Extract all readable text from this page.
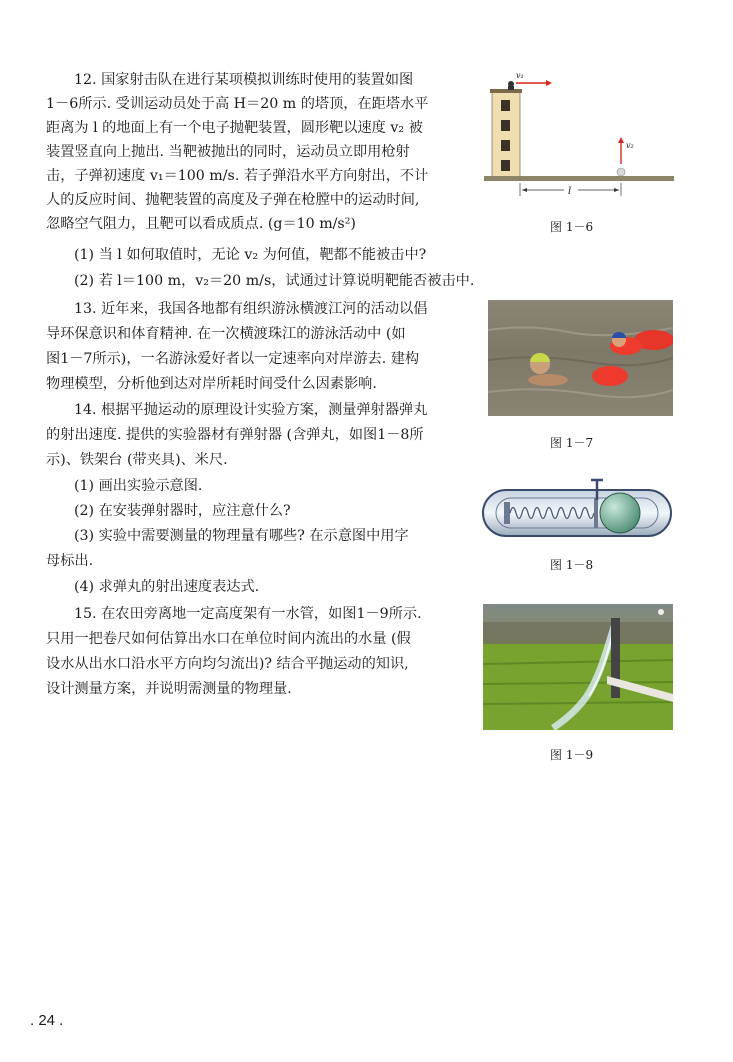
12. 国家射击队在进行某项模拟训练时使用的装置如图
1－6所示. 受训运动员处于高 H＝20 m 的塔顶，在距塔水平
距离为 l 的地面上有一个电子抛靶装置，圆形靶以速度 v₂ 被
装置竖直向上抛出. 当靶被抛出的同时，运动员立即用枪射
击，子弹初速度 v₁＝100 m/s. 若子弹沿水平方向射出，不计
人的反应时间、抛靶装置的高度及子弹在枪膛中的运动时间,
忽略空气阻力，且靶可以看成质点. (g＝10 m/s²)
(1) 当 l 如何取值时，无论 v₂ 为何值，靶都不能被击中?
(2) 若 l＝100 m，v₂＝20 m/s，试通过计算说明靶能否被击中.
v₁
v₂
l
图 1－6
13. 近年来，我国各地都有组织游泳横渡江河的活动以倡
导环保意识和体育精神. 在一次横渡珠江的游泳活动中 (如
图1－7所示)，一名游泳爱好者以一定速率向对岸游去. 建构
物理模型，分析他到达对岸所耗时间受什么因素影响.
图 1－7
14. 根据平抛运动的原理设计实验方案，测量弹射器弹丸
的射出速度. 提供的实验器材有弹射器 (含弹丸，如图1－8所
示)、铁架台 (带夹具)、米尺.
(1) 画出实验示意图.
(2) 在安装弹射器时，应注意什么?
(3) 实验中需要测量的物理量有哪些? 在示意图中用字
母标出.
(4) 求弹丸的射出速度表达式.
图 1－8
15. 在农田旁离地一定高度架有一水管，如图1－9所示.
只用一把卷尺如何估算出水口在单位时间内流出的水量 (假
设水从出水口沿水平方向均匀流出)? 结合平抛运动的知识,
设计测量方案，并说明需测量的物理量.
图 1－9
. 24 .
